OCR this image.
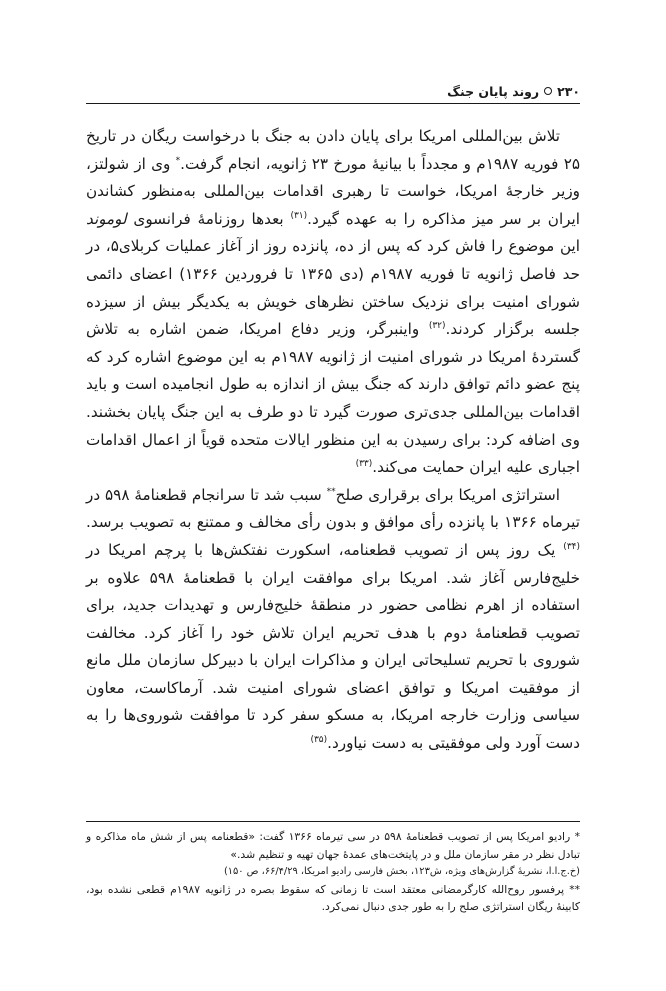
۲۳۰
روند پایان جنگ

تلاش بین‌المللی امریکا برای پایان دادن به جنگ با درخواست ریگان در تاریخ ۲۵ فوریه ۱۹۸۷م و مجدداً با بیانیهٔ مورخ ۲۳ ژانویه، انجام گرفت.* وی از شولتز، وزیر خارجهٔ امریکا، خواست تا رهبری اقدامات بین‌المللی به‌منظور کشاندن ایران بر سر میز مذاکره را به عهده گیرد.$^{(۳۱)}$ بعدها روزنامهٔ فرانسوی لوموند این موضوع را فاش کرد که پس از ده، پانزده روز از آغاز عملیات کربلای۵، در حد فاصل ژانویه تا فوریه ۱۹۸۷م (دی ۱۳۶۵ تا فروردین ۱۳۶۶) اعضای دائمی شورای امنیت برای نزدیک ساختن نظرهای خویش به یکدیگر بیش از سیزده جلسه برگزار کردند.$^{(۳۲)}$ واینبرگر، وزیر دفاع امریکا، ضمن اشاره به تلاش گستردهٔ امریکا در شورای امنیت از ژانویه ۱۹۸۷م به این موضوع اشاره کرد که پنج عضو دائم توافق دارند که جنگ بیش از اندازه به طول انجامیده است و باید اقدامات بین‌المللی جدی‌تری صورت گیرد تا دو طرف به این جنگ پایان بخشند. وی اضافه کرد: برای رسیدن به این منظور ایالات متحده قویاً از اعمال اقدامات اجباری علیه ایران حمایت می‌کند.$^{(۳۳)}$

استراتژی امریکا برای برقراری صلح** سبب شد تا سرانجام قطعنامهٔ ۵۹۸ در تیرماه ۱۳۶۶ با پانزده رأی موافق و بدون رأی مخالف و ممتنع به تصویب برسد.$^{(۳۴)}$ یک روز پس از تصویب قطعنامه، اسکورت نفتکش‌ها با پرچم امریکا در خلیج‌فارس آغاز شد. امریکا برای موافقت ایران با قطعنامهٔ ۵۹۸ علاوه بر استفاده از اهرم نظامی حضور در منطقهٔ خلیج‌فارس و تهدیدات جدید، برای تصویب قطعنامهٔ دوم با هدف تحریم ایران تلاش خود را آغاز کرد. مخالفت شوروی با تحریم تسلیحاتی ایران و مذاکرات ایران با دبیرکل سازمان ملل مانع از موفقیت امریکا و توافق اعضای شورای امنیت شد. آرماکاست، معاون سیاسی وزارت خارجه امریکا، به مسکو سفر کرد تا موافقت شوروی‌ها را به دست آورد ولی موفقیتی به دست نیاورد.$^{(۳۵)}$

* رادیو امریکا پس از تصویب قطعنامهٔ ۵۹۸ در سی تیرماه ۱۳۶۶ گفت: «قطعنامه پس از شش ماه مذاکره و تبادل نظر در مقر سازمان ملل و در پایتخت‌های عمدهٔ جهان تهیه و تنظیم شد.»

(خ.ج.ا.ا، نشریهٔ گزارش‌های ویژه، ش۱۲۳، بخش فارسی رادیو امریکا، ۶۶/۴/۲۹، ص ۱۵۰)

** پرفسور روح‌الله کارگرمضانی معتقد است تا زمانی که سقوط بصره در ژانویه ۱۹۸۷م قطعی نشده بود، کابینهٔ ریگان استراتژی صلح را به طور جدی دنبال نمی‌کرد.
